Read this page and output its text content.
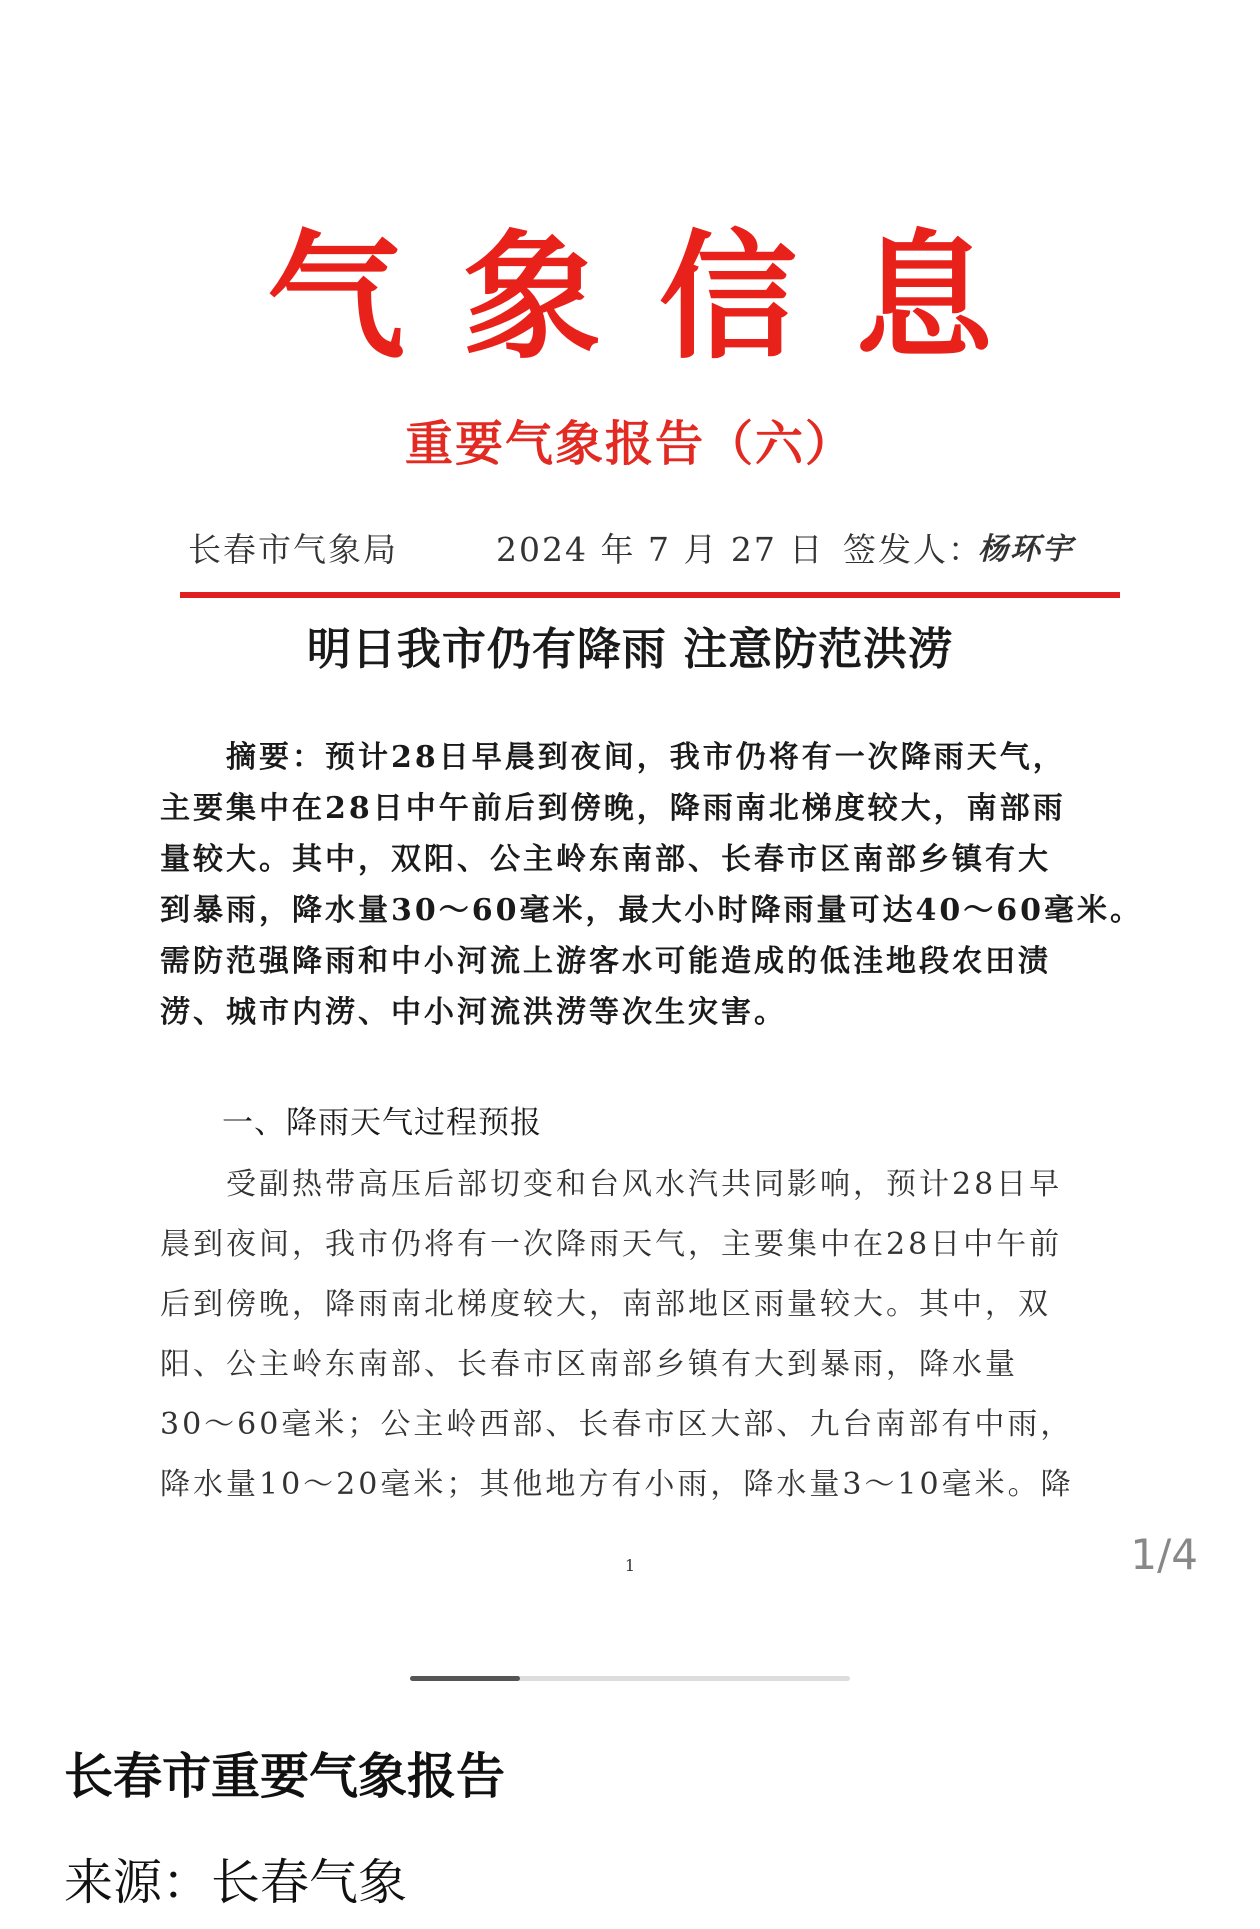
气象信息
重要气象报告（六）
长春市气象局	2024 年 7 月 27 日 签发人：
杨环宇
明日我市仍有降雨 注意防范洪涝
　　摘要：预计28日早晨到夜间，我市仍将有一次降雨天气，
主要集中在28日中午前后到傍晚，降雨南北梯度较大，南部雨
量较大。其中，双阳、公主岭东南部、长春市区南部乡镇有大
到暴雨，降水量30～60毫米，最大小时降雨量可达40～60毫米。
需防范强降雨和中小河流上游客水可能造成的低洼地段农田渍
涝、城市内涝、中小河流洪涝等次生灾害。
一、降雨天气过程预报
　　受副热带高压后部切变和台风水汽共同影响，预计28日早
晨到夜间，我市仍将有一次降雨天气，主要集中在28日中午前
后到傍晚，降雨南北梯度较大，南部地区雨量较大。其中，双
阳、公主岭东南部、长春市区南部乡镇有大到暴雨，降水量
30～60毫米；公主岭西部、长春市区大部、九台南部有中雨，
降水量10～20毫米；其他地方有小雨，降水量3～10毫米。降
1	1/4
长春市重要气象报告
来源：长春气象
